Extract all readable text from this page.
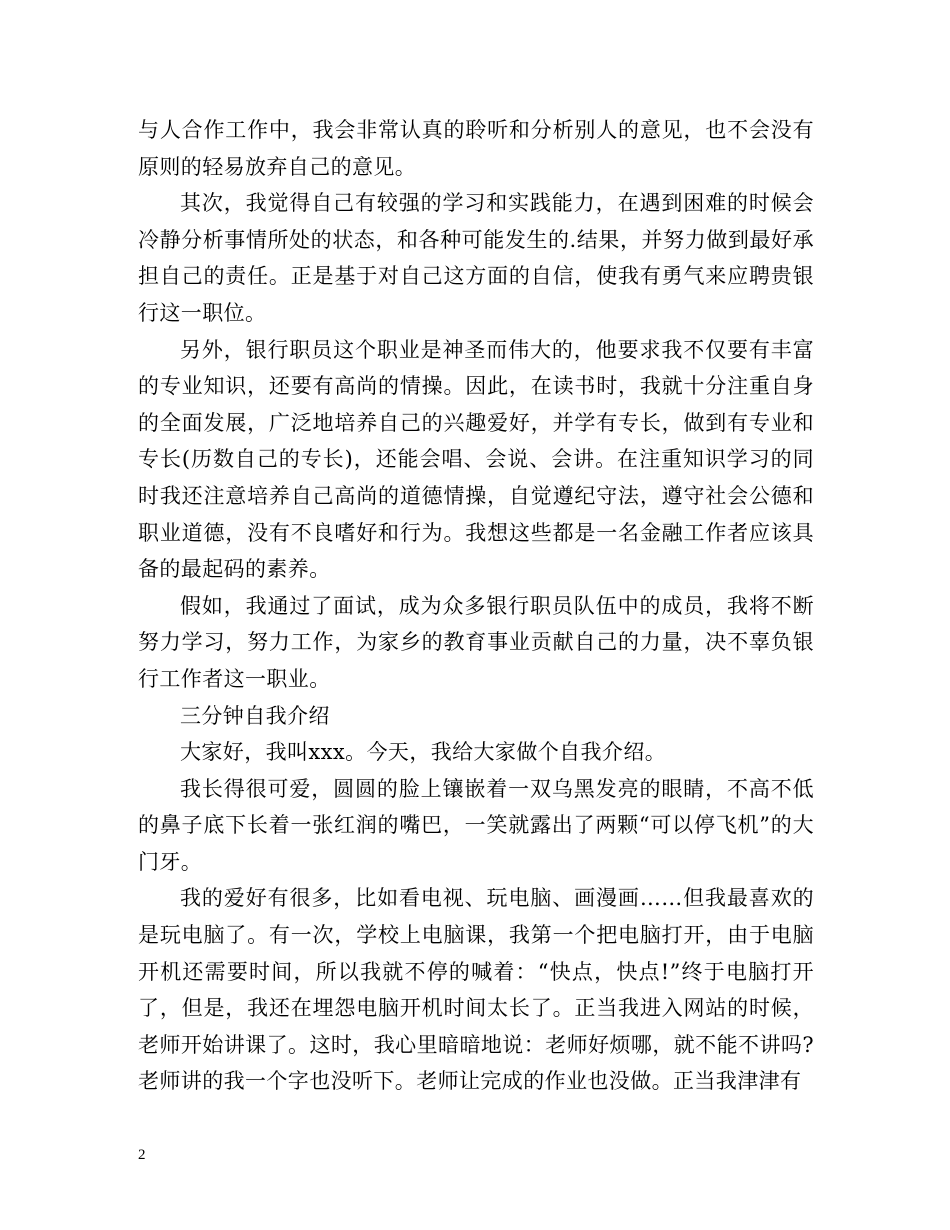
与人合作工作中，我会非常认真的聆听和分析别人的意见，也不会没有原则的轻易放弃自己的意见。

其次，我觉得自己有较强的学习和实践能力，在遇到困难的时候会冷静分析事情所处的状态，和各种可能发生的.结果，并努力做到最好承担自己的责任。正是基于对自己这方面的自信，使我有勇气来应聘贵银行这一职位。

另外，银行职员这个职业是神圣而伟大的，他要求我不仅要有丰富的专业知识，还要有高尚的情操。因此，在读书时，我就十分注重自身的全面发展，广泛地培养自己的兴趣爱好，并学有专长，做到有专业和专长(历数自己的专长)，还能会唱、会说、会讲。在注重知识学习的同时我还注意培养自己高尚的道德情操，自觉遵纪守法，遵守社会公德和职业道德，没有不良嗜好和行为。我想这些都是一名金融工作者应该具备的最起码的素养。

假如，我通过了面试，成为众多银行职员队伍中的成员，我将不断努力学习，努力工作，为家乡的教育事业贡献自己的力量，决不辜负银行工作者这一职业。

三分钟自我介绍

大家好，我叫xxx。今天，我给大家做个自我介绍。

我长得很可爱，圆圆的脸上镶嵌着一双乌黑发亮的眼睛，不高不低的鼻子底下长着一张红润的嘴巴，一笑就露出了两颗“可以停飞机”的大门牙。

我的爱好有很多，比如看电视、玩电脑、画漫画……但我最喜欢的是玩电脑了。有一次，学校上电脑课，我第一个把电脑打开，由于电脑开机还需要时间，所以我就不停的喊着：“快点，快点!”终于电脑打开了，但是，我还在埋怨电脑开机时间太长了。正当我进入网站的时候，老师开始讲课了。这时，我心里暗暗地说：老师好烦哪，就不能不讲吗?老师讲的我一个字也没听下。老师让完成的作业也没做。正当我津津有

2
